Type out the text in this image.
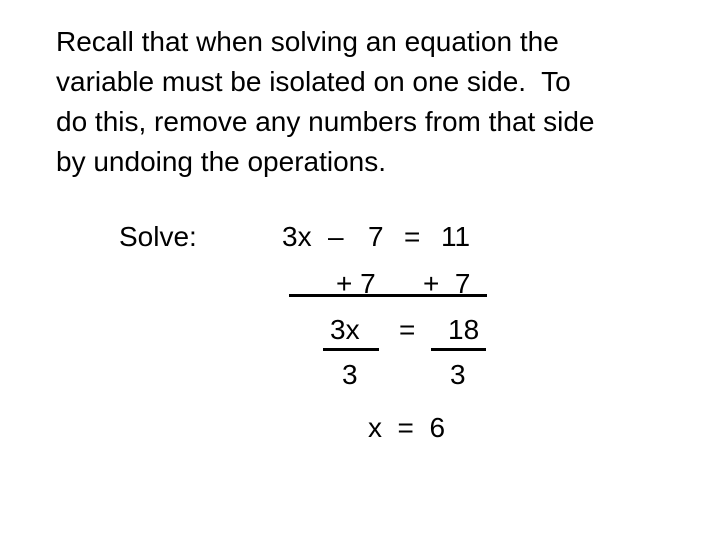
Recall that when solving an equation the
variable must be isolated on one side.  To
do this, remove any numbers from that side
by undoing the operations.
Solve:	3x – 7 = 11
+ 7 +  7
3x = 18
3	3
x  =  6
